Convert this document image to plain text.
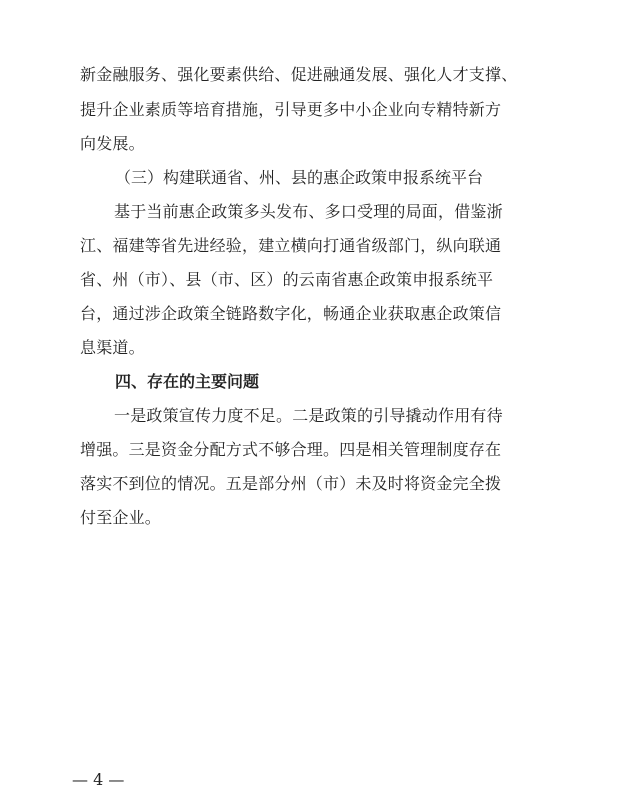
新金融服务、强化要素供给、促进融通发展、强化人才支撑、
提升企业素质等培育措施，引导更多中小企业向专精特新方
向发展。
（三）构建联通省、州、县的惠企政策申报系统平台
基于当前惠企政策多头发布、多口受理的局面，借鉴浙
江、福建等省先进经验，建立横向打通省级部门，纵向联通
省、州（市）、县（市、区）的云南省惠企政策申报系统平
台，通过涉企政策全链路数字化，畅通企业获取惠企政策信
息渠道。
四、存在的主要问题
一是政策宣传力度不足。二是政策的引导撬动作用有待
增强。三是资金分配方式不够合理。四是相关管理制度存在
落实不到位的情况。五是部分州（市）未及时将资金完全拨
付至企业。
— 4 —
